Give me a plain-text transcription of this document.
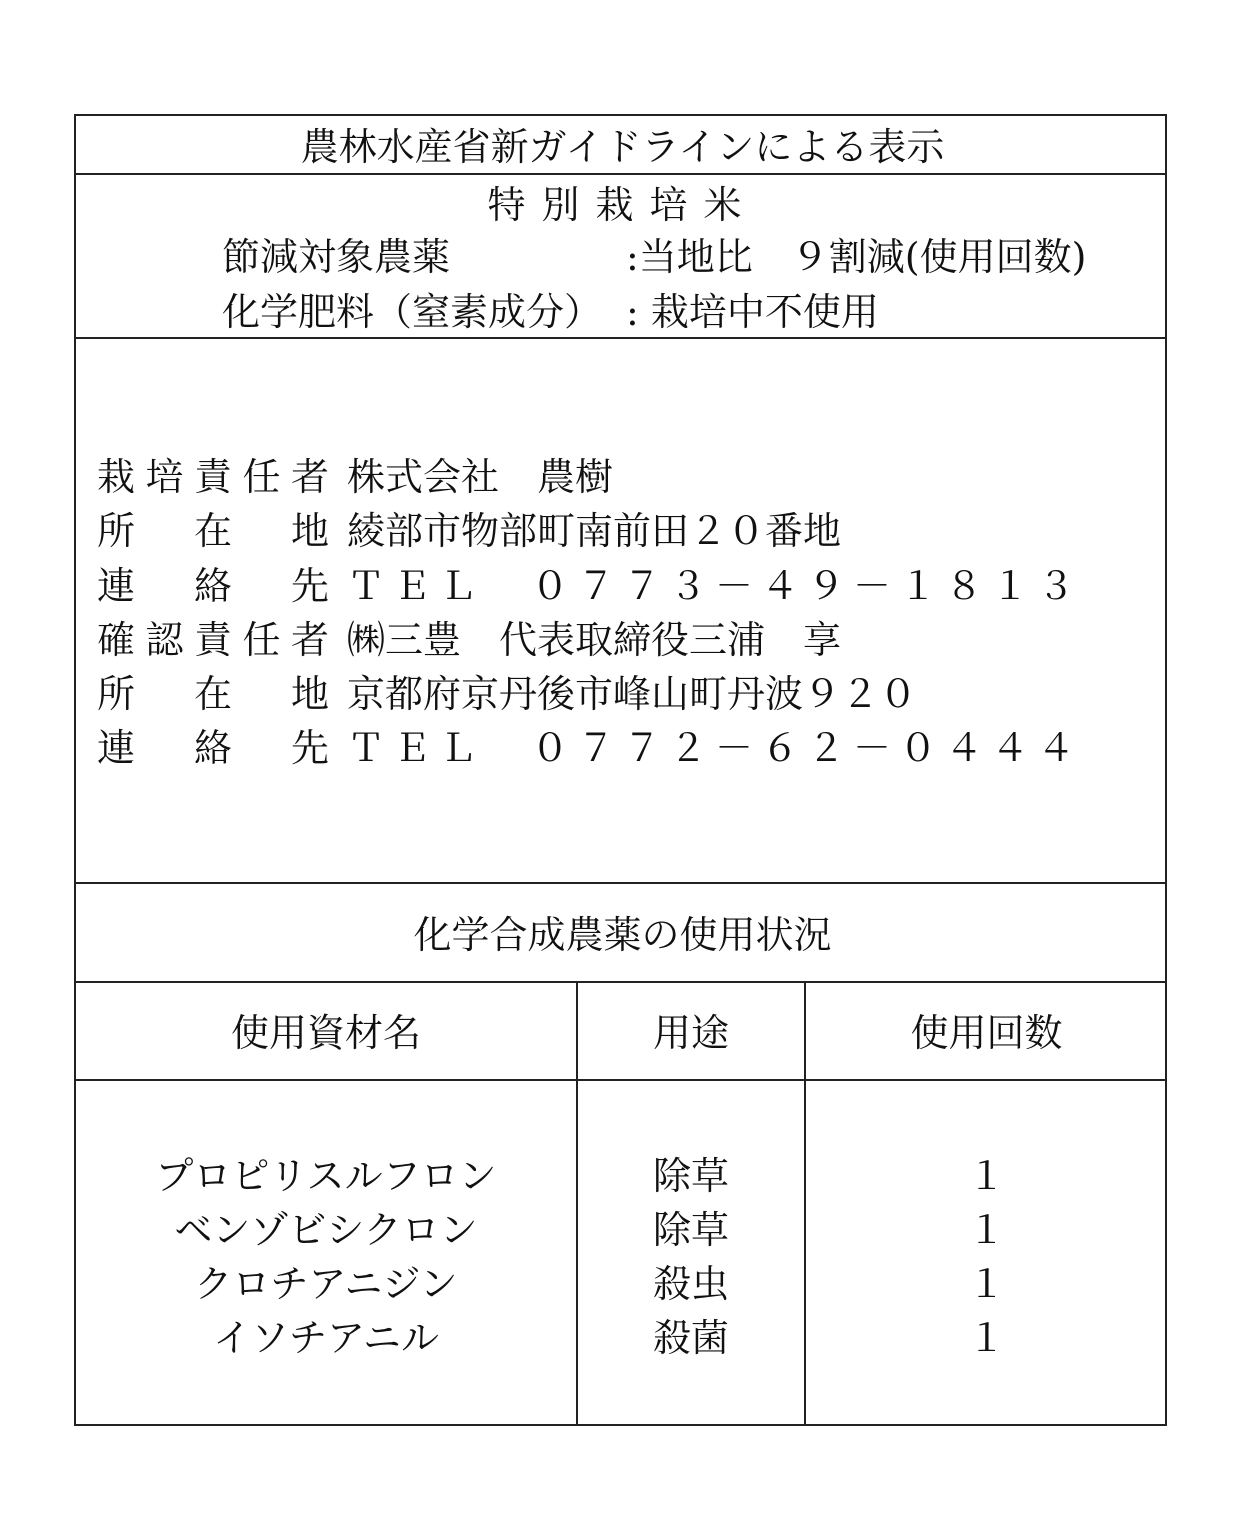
農林水産省新ガイドラインによる表示
特別栽培米
節減対象農薬	:当地比　９割減(使用回数)
化学肥料（窒素成分） : 栽培中不使用
栽 培 責 任 者 株式会社　農樹
所 在 地 綾部市物部町南前田２０番地
連 絡 先 ＴＥＬ　０７７３－４９－１８１３
確 認 責 任 者 ㈱三豊　代表取締役三浦　享
所 在 地 京都府京丹後市峰山町丹波９２０
連 絡 先 ＴＥＬ　０７７２－６２－０４４４
化学合成農薬の使用状況
使用資材名	用途	使用回数
プロピリスルフロン	除草	１
ベンゾビシクロン	除草	１
クロチアニジン	殺虫	１
イソチアニル	殺菌	１
